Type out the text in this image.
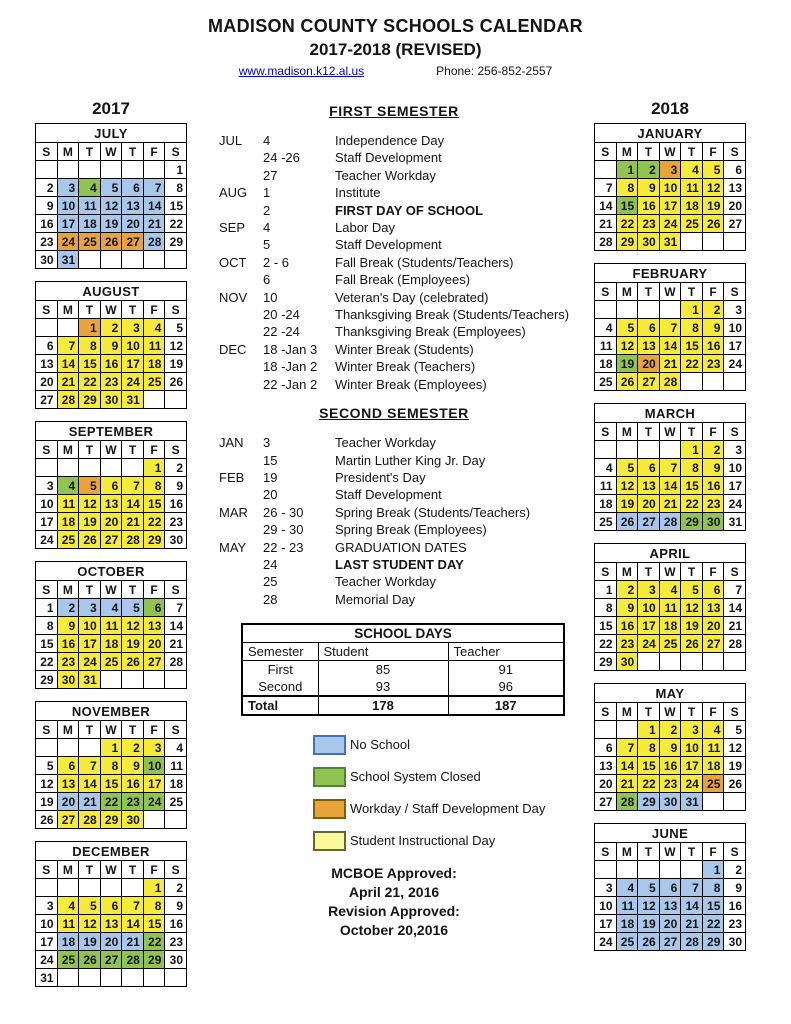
MADISON COUNTY SCHOOLS CALENDAR
2017-2018 (REVISED)
www.madison.k12.al.us	Phone: 256-852-2557
2017
JULY						
S	M	T	W	T	F	S
						1
2	3	4	5	6	7	8
9	10	11	12	13	14	15
16	17	18	19	20	21	22
23	24	25	26	27	28	29
30	31					
AUGUST						
S	M	T	W	T	F	S
		1	2	3	4	5
6	7	8	9	10	11	12
13	14	15	16	17	18	19
20	21	22	23	24	25	26
27	28	29	30	31		
SEPTEMBER						
S	M	T	W	T	F	S
					1	2
3	4	5	6	7	8	9
10	11	12	13	14	15	16
17	18	19	20	21	22	23
24	25	26	27	28	29	30
OCTOBER						
S	M	T	W	T	F	S
1	2	3	4	5	6	7
8	9	10	11	12	13	14
15	16	17	18	19	20	21
22	23	24	25	26	27	28
29	30	31				
NOVEMBER						
S	M	T	W	T	F	S
			1	2	3	4
5	6	7	8	9	10	11
12	13	14	15	16	17	18
19	20	21	22	23	24	25
26	27	28	29	30		
DECEMBER						
S	M	T	W	T	F	S
					1	2
3	4	5	6	7	8	9
10	11	12	13	14	15	16
17	18	19	20	21	22	23
24	25	26	27	28	29	30
31						
FIRST SEMESTER
JUL	4	Independence Day
24 -26	Staff Development
27	Teacher Workday
AUG	1	Institute
2	FIRST DAY OF SCHOOL
SEP	4	Labor Day
5	Staff Development
OCT	2 - 6	Fall Break (Students/Teachers)
6	Fall Break (Employees)
NOV	10	Veteran's Day (celebrated)
20 -24	Thanksgiving Break (Students/Teachers)
22 -24	Thanksgiving Break (Employees)
DEC	18 -Jan 3	Winter Break (Students)
18 -Jan 2	Winter Break (Teachers)
22 -Jan 2	Winter Break (Employees)
SECOND SEMESTER
JAN	3	Teacher Workday
15	Martin Luther King Jr. Day
FEB	19	President's Day
20	Staff Development
MAR	26 - 30	Spring Break (Students/Teachers)
29 - 30	Spring Break (Employees)
MAY	22 - 23	GRADUATION DATES
24	LAST STUDENT DAY
25	Teacher Workday
28	Memorial Day
SCHOOL DAYS		
Semester	Student	Teacher
First	85	91
Second	93	96
Total	178	187
No School
School System Closed
Workday / Staff Development Day
Student Instructional Day
MCBOE Approved:
April 21, 2016
Revision Approved:
October 20,2016
2018
JANUARY						
S	M	T	W	T	F	S
	1	2	3	4	5	6
7	8	9	10	11	12	13
14	15	16	17	18	19	20
21	22	23	24	25	26	27
28	29	30	31			
FEBRUARY						
S	M	T	W	T	F	S
				1	2	3
4	5	6	7	8	9	10
11	12	13	14	15	16	17
18	19	20	21	22	23	24
25	26	27	28			
MARCH						
S	M	T	W	T	F	S
				1	2	3
4	5	6	7	8	9	10
11	12	13	14	15	16	17
18	19	20	21	22	23	24
25	26	27	28	29	30	31
APRIL						
S	M	T	W	T	F	S
1	2	3	4	5	6	7
8	9	10	11	12	13	14
15	16	17	18	19	20	21
22	23	24	25	26	27	28
29	30					
MAY						
S	M	T	W	T	F	S
		1	2	3	4	5
6	7	8	9	10	11	12
13	14	15	16	17	18	19
20	21	22	23	24	25	26
27	28	29	30	31		
JUNE						
S	M	T	W	T	F	S
					1	2
3	4	5	6	7	8	9
10	11	12	13	14	15	16
17	18	19	20	21	22	23
24	25	26	27	28	29	30
